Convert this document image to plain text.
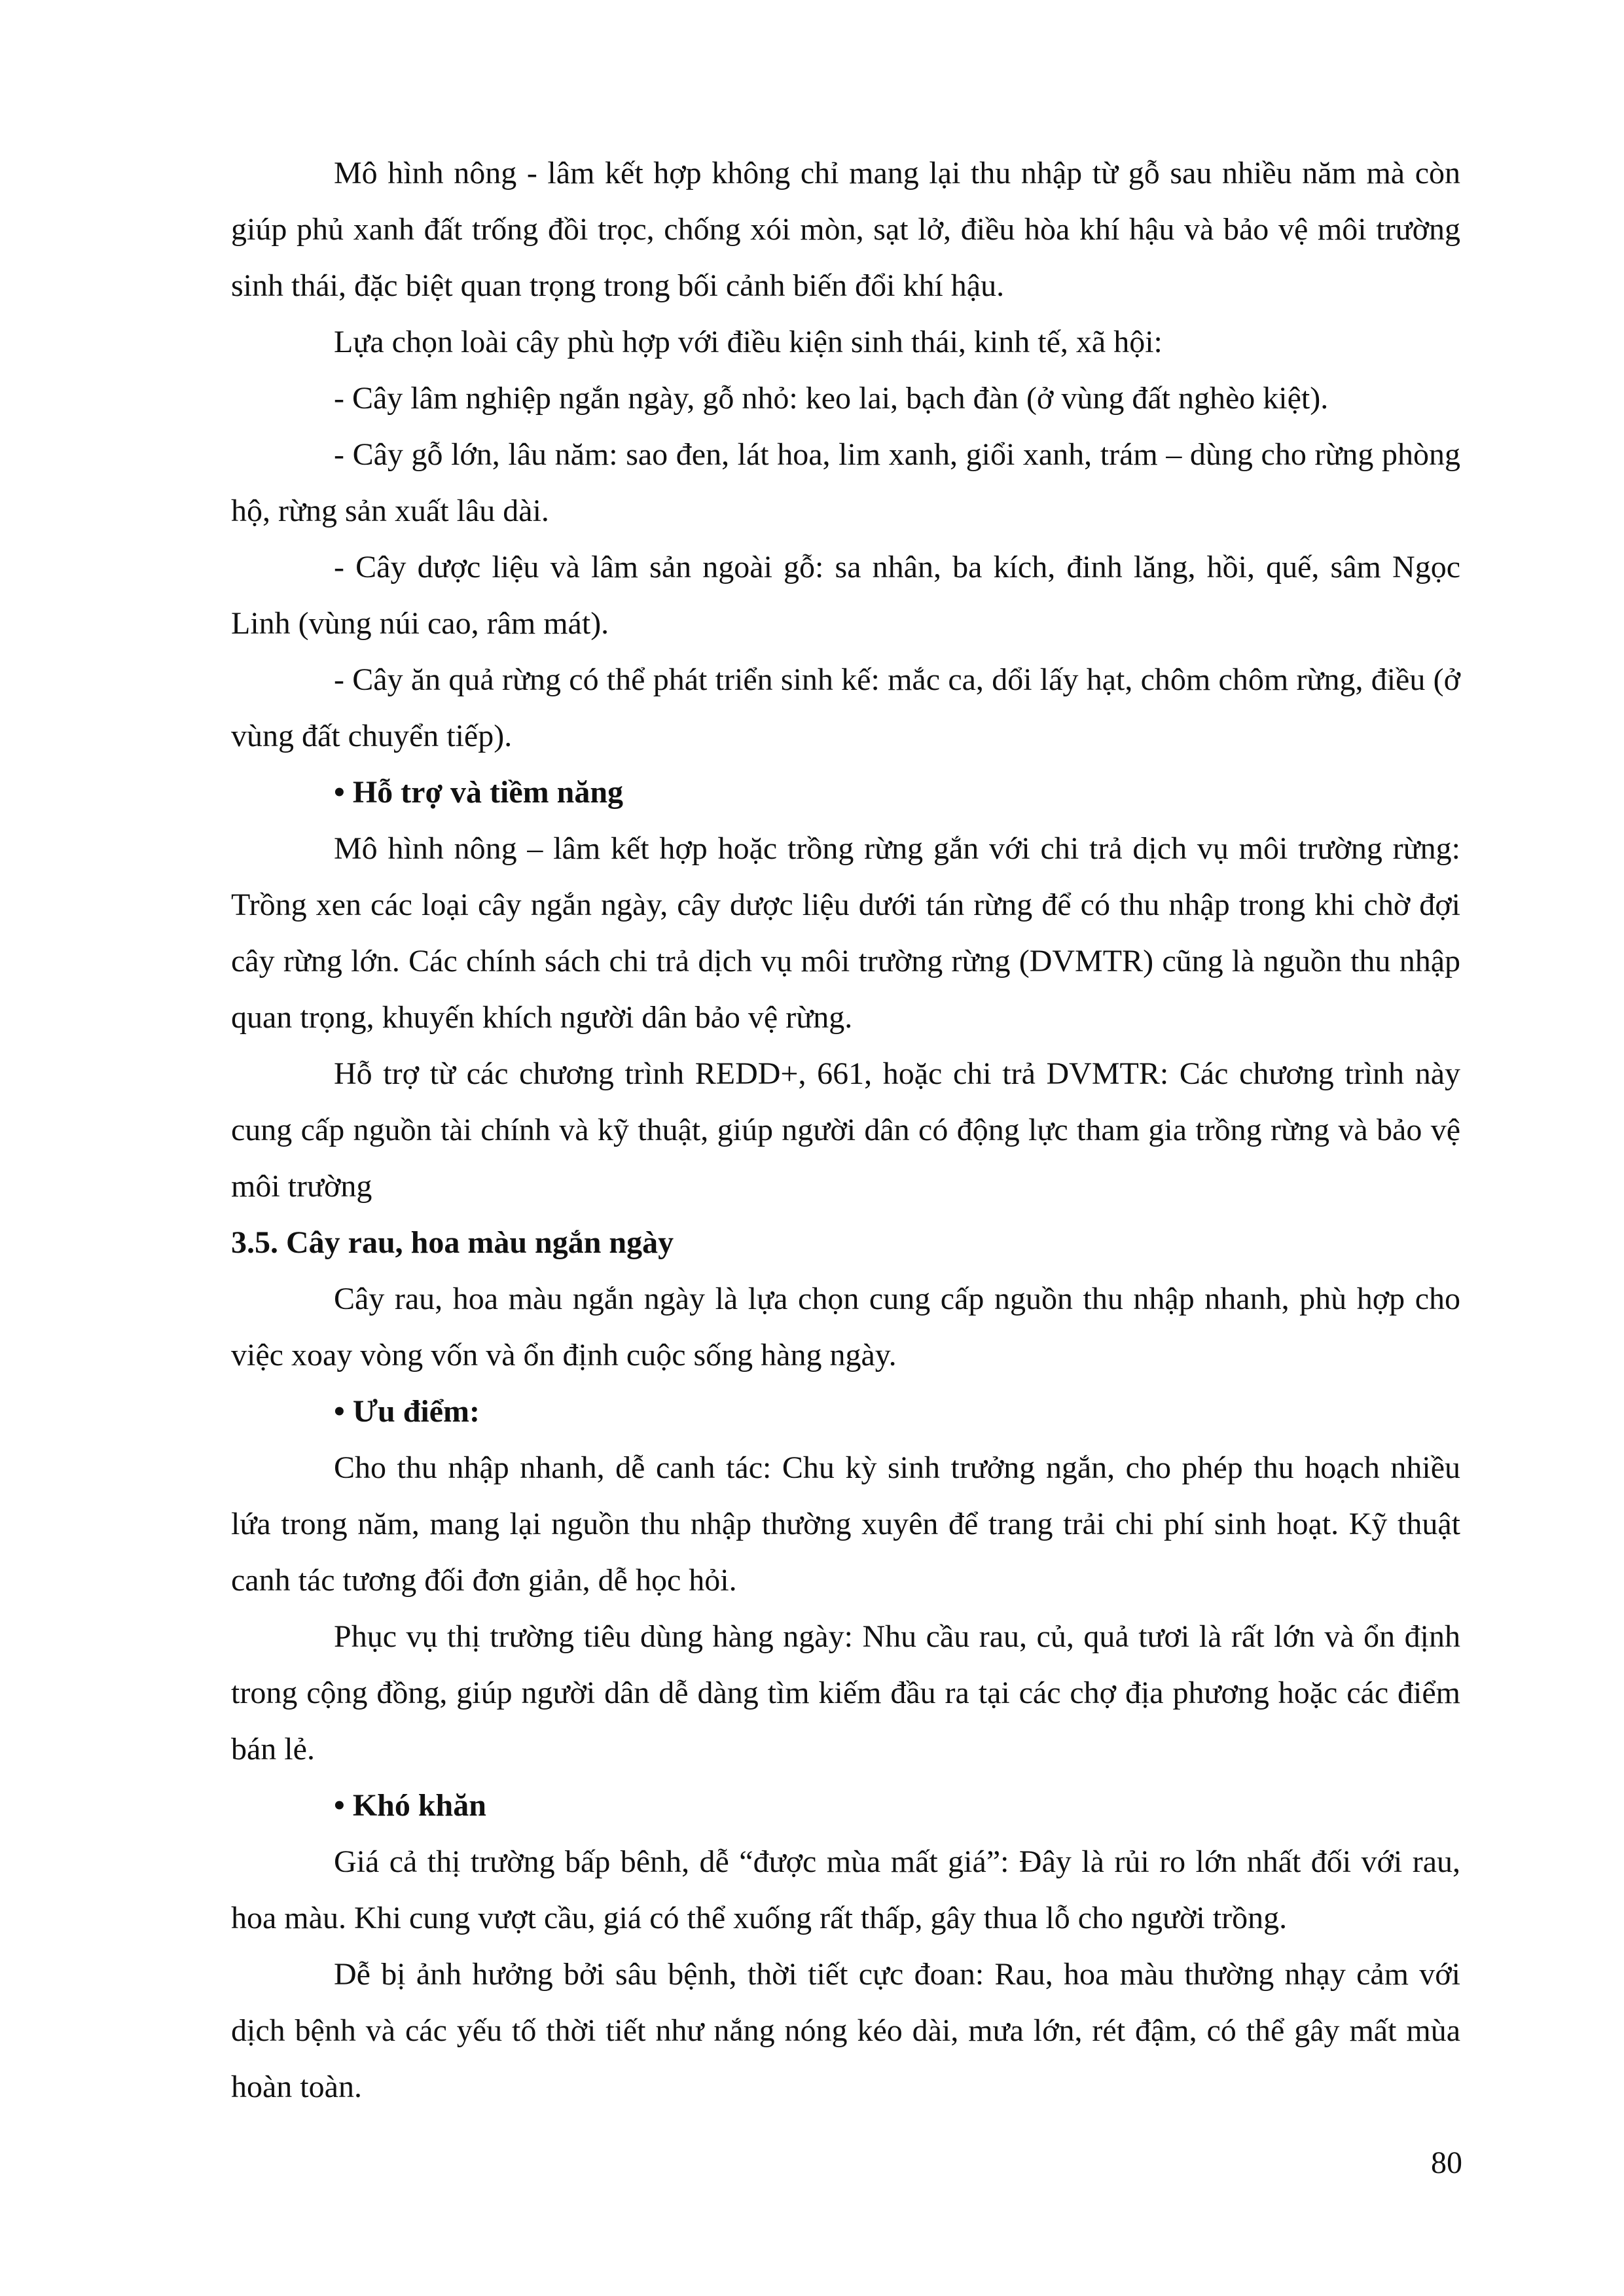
Mô hình nông - lâm kết hợp không chỉ mang lại thu nhập từ gỗ sau nhiều năm mà còn giúp phủ xanh đất trống đồi trọc, chống xói mòn, sạt lở, điều hòa khí hậu và bảo vệ môi trường sinh thái, đặc biệt quan trọng trong bối cảnh biến đổi khí hậu.

Lựa chọn loài cây phù hợp với điều kiện sinh thái, kinh tế, xã hội:

- Cây lâm nghiệp ngắn ngày, gỗ nhỏ: keo lai, bạch đàn (ở vùng đất nghèo kiệt).

- Cây gỗ lớn, lâu năm: sao đen, lát hoa, lim xanh, giổi xanh, trám – dùng cho rừng phòng hộ, rừng sản xuất lâu dài.

- Cây dược liệu và lâm sản ngoài gỗ: sa nhân, ba kích, đinh lăng, hồi, quế, sâm Ngọc Linh (vùng núi cao, râm mát).

- Cây ăn quả rừng có thể phát triển sinh kế: mắc ca, dổi lấy hạt, chôm chôm rừng, điều (ở vùng đất chuyển tiếp).

• Hỗ trợ và tiềm năng

Mô hình nông – lâm kết hợp hoặc trồng rừng gắn với chi trả dịch vụ môi trường rừng: Trồng xen các loại cây ngắn ngày, cây dược liệu dưới tán rừng để có thu nhập trong khi chờ đợi cây rừng lớn. Các chính sách chi trả dịch vụ môi trường rừng (DVMTR) cũng là nguồn thu nhập quan trọng, khuyến khích người dân bảo vệ rừng.

Hỗ trợ từ các chương trình REDD+, 661, hoặc chi trả DVMTR: Các chương trình này cung cấp nguồn tài chính và kỹ thuật, giúp người dân có động lực tham gia trồng rừng và bảo vệ môi trường

3.5. Cây rau, hoa màu ngắn ngày

Cây rau, hoa màu ngắn ngày là lựa chọn cung cấp nguồn thu nhập nhanh, phù hợp cho việc xoay vòng vốn và ổn định cuộc sống hàng ngày.

• Ưu điểm:

Cho thu nhập nhanh, dễ canh tác: Chu kỳ sinh trưởng ngắn, cho phép thu hoạch nhiều lứa trong năm, mang lại nguồn thu nhập thường xuyên để trang trải chi phí sinh hoạt. Kỹ thuật canh tác tương đối đơn giản, dễ học hỏi.

Phục vụ thị trường tiêu dùng hàng ngày: Nhu cầu rau, củ, quả tươi là rất lớn và ổn định trong cộng đồng, giúp người dân dễ dàng tìm kiếm đầu ra tại các chợ địa phương hoặc các điểm bán lẻ.

• Khó khăn

Giá cả thị trường bấp bênh, dễ “được mùa mất giá”: Đây là rủi ro lớn nhất đối với rau, hoa màu. Khi cung vượt cầu, giá có thể xuống rất thấp, gây thua lỗ cho người trồng.

Dễ bị ảnh hưởng bởi sâu bệnh, thời tiết cực đoan: Rau, hoa màu thường nhạy cảm với dịch bệnh và các yếu tố thời tiết như nắng nóng kéo dài, mưa lớn, rét đậm, có thể gây mất mùa hoàn toàn.

80
